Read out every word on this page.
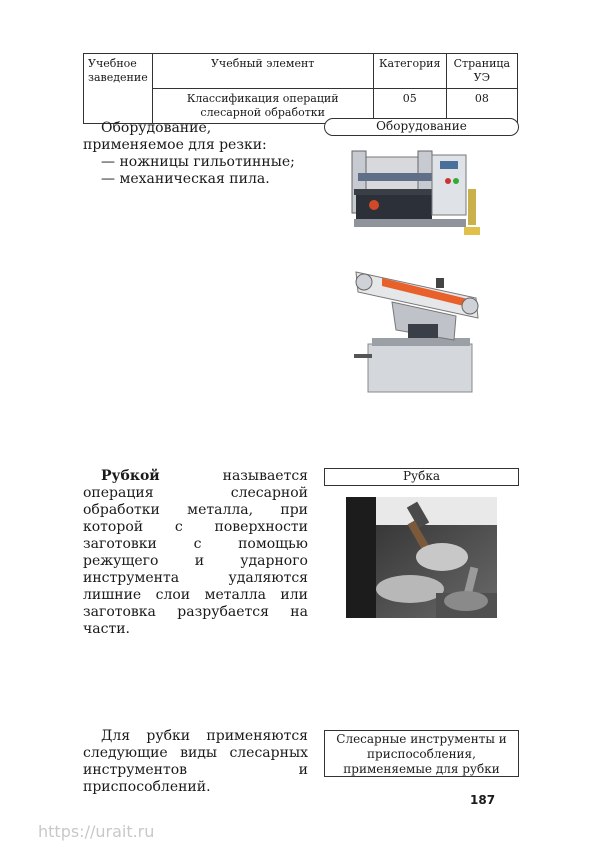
Учебное заведение	Учебный элемент	Категория	Страница УЭ
	Классификация операций слесарной обработки	05	08
Оборудование, применяемое для резки:
— ножницы гильотинные;
— механическая пила.
Оборудование
Рубкой называется операция слесарной обработки металла, при которой с поверхности заготовки с помощью режущего и ударного инструмента удаляются лишние слои металла или заготовка разрубается на части.
Рубка
Для рубки применяются следующие виды слесарных инструментов и приспособлений.
Слесарные инструменты и приспособления, применяемые для рубки
187
https://urait.ru
